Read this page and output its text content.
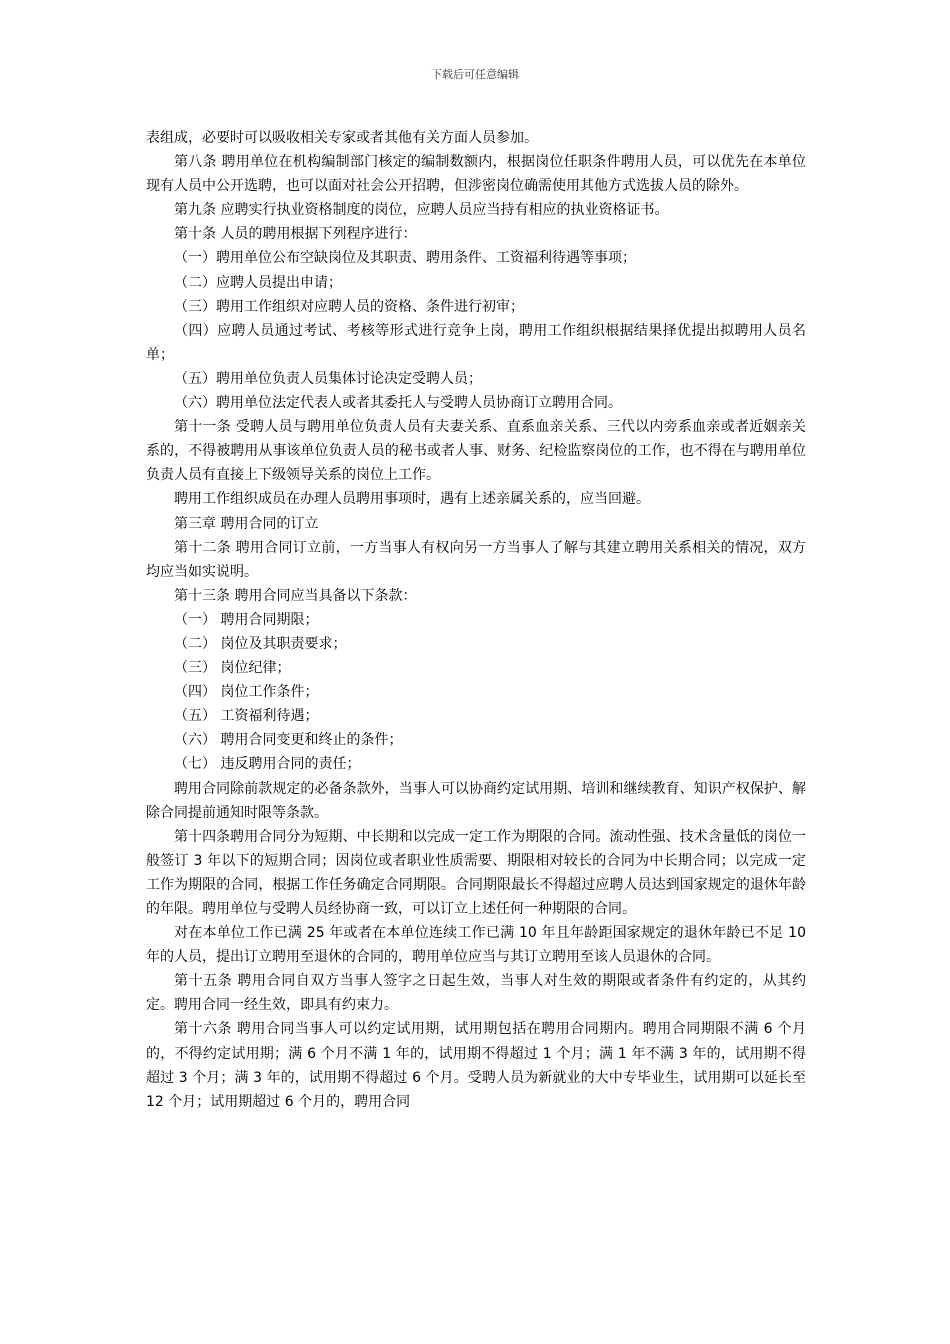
下载后可任意编辑

表组成，必要时可以吸收相关专家或者其他有关方面人员参加。

第八条 聘用单位在机构编制部门核定的编制数额内，根据岗位任职条件聘用人员，可以优先在本单位现有人员中公开选聘，也可以面对社会公开招聘，但涉密岗位确需使用其他方式选拔人员的除外。

第九条 应聘实行执业资格制度的岗位，应聘人员应当持有相应的执业资格证书。

第十条 人员的聘用根据下列程序进行：

（一）聘用单位公布空缺岗位及其职责、聘用条件、工资福利待遇等事项；

（二）应聘人员提出申请；

（三）聘用工作组织对应聘人员的资格、条件进行初审；

（四）应聘人员通过考试、考核等形式进行竞争上岗，聘用工作组织根据结果择优提出拟聘用人员名单；

（五）聘用单位负责人员集体讨论决定受聘人员；

（六）聘用单位法定代表人或者其委托人与受聘人员协商订立聘用合同。

第十一条 受聘人员与聘用单位负责人员有夫妻关系、直系血亲关系、三代以内旁系血亲或者近姻亲关系的，不得被聘用从事该单位负责人员的秘书或者人事、财务、纪检监察岗位的工作，也不得在与聘用单位负责人员有直接上下级领导关系的岗位上工作。

聘用工作组织成员在办理人员聘用事项时，遇有上述亲属关系的，应当回避。

第三章 聘用合同的订立

第十二条 聘用合同订立前，一方当事人有权向另一方当事人了解与其建立聘用关系相关的情况，双方均应当如实说明。

第十三条 聘用合同应当具备以下条款：

（一） 聘用合同期限；

（二） 岗位及其职责要求；

（三） 岗位纪律；

（四） 岗位工作条件；

（五） 工资福利待遇；

（六） 聘用合同变更和终止的条件；

（七） 违反聘用合同的责任；

聘用合同除前款规定的必备条款外，当事人可以协商约定试用期、培训和继续教育、知识产权保护、解除合同提前通知时限等条款。

第十四条聘用合同分为短期、中长期和以完成一定工作为期限的合同。流动性强、技术含量低的岗位一般签订 3 年以下的短期合同；因岗位或者职业性质需要、期限相对较长的合同为中长期合同；以完成一定工作为期限的合同，根据工作任务确定合同期限。合同期限最长不得超过应聘人员达到国家规定的退休年龄的年限。聘用单位与受聘人员经协商一致，可以订立上述任何一种期限的合同。

对在本单位工作已满 25 年或者在本单位连续工作已满 10 年且年龄距国家规定的退休年龄已不足 10 年的人员，提出订立聘用至退休的合同的，聘用单位应当与其订立聘用至该人员退休的合同。

第十五条 聘用合同自双方当事人签字之日起生效，当事人对生效的期限或者条件有约定的，从其约定。聘用合同一经生效，即具有约束力。

第十六条 聘用合同当事人可以约定试用期，试用期包括在聘用合同期内。聘用合同期限不满 6 个月的，不得约定试用期；满 6 个月不满 1 年的，试用期不得超过 1 个月；满 1 年不满 3 年的，试用期不得超过 3 个月；满 3 年的，试用期不得超过 6 个月。受聘人员为新就业的大中专毕业生，试用期可以延长至 12 个月；试用期超过 6 个月的，聘用合同
